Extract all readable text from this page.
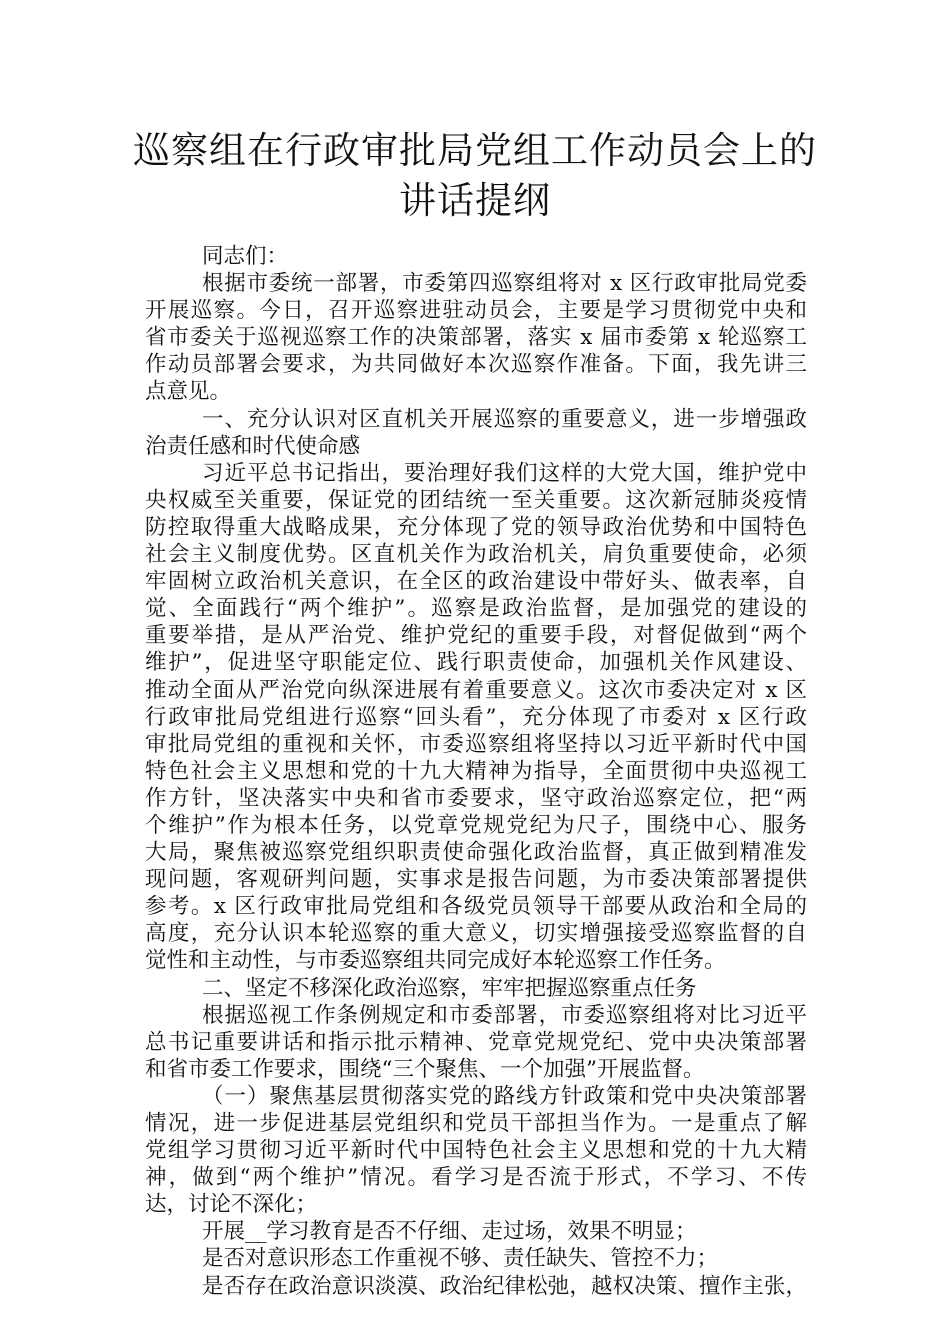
巡察组在行政审批局党组工作动员会上的
讲话提纲
同志们：
根据市委统一部署，市委第四巡察组将对 x 区行政审批局党委
开展巡察。今日，召开巡察进驻动员会，主要是学习贯彻党中央和
省市委关于巡视巡察工作的决策部署，落实 x 届市委第 x 轮巡察工
作动员部署会要求，为共同做好本次巡察作准备。下面，我先讲三
点意见。
一、充分认识对区直机关开展巡察的重要意义，进一步增强政
治责任感和时代使命感
习近平总书记指出，要治理好我们这样的大党大国，维护党中
央权威至关重要，保证党的团结统一至关重要。这次新冠肺炎疫情
防控取得重大战略成果，充分体现了党的领导政治优势和中国特色
社会主义制度优势。区直机关作为政治机关，肩负重要使命，必须
牢固树立政治机关意识，在全区的政治建设中带好头、做表率，自
觉、全面践行“两个维护”。巡察是政治监督，是加强党的建设的
重要举措，是从严治党、维护党纪的重要手段，对督促做到“两个
维护”，促进坚守职能定位、践行职责使命，加强机关作风建设、
推动全面从严治党向纵深进展有着重要意义。这次市委决定对 x 区
行政审批局党组进行巡察“回头看”，充分体现了市委对 x 区行政
审批局党组的重视和关怀，市委巡察组将坚持以习近平新时代中国
特色社会主义思想和党的十九大精神为指导，全面贯彻中央巡视工
作方针，坚决落实中央和省市委要求，坚守政治巡察定位，把“两
个维护”作为根本任务，以党章党规党纪为尺子，围绕中心、服务
大局，聚焦被巡察党组织职责使命强化政治监督，真正做到精准发
现问题，客观研判问题，实事求是报告问题，为市委决策部署提供
参考。x 区行政审批局党组和各级党员领导干部要从政治和全局的
高度，充分认识本轮巡察的重大意义，切实增强接受巡察监督的自
觉性和主动性，与市委巡察组共同完成好本轮巡察工作任务。
二、坚定不移深化政治巡察，牢牢把握巡察重点任务
根据巡视工作条例规定和市委部署，市委巡察组将对比习近平
总书记重要讲话和指示批示精神、党章党规党纪、党中央决策部署
和省市委工作要求，围绕“三个聚焦、一个加强”开展监督。
（一）聚焦基层贯彻落实党的路线方针政策和党中央决策部署
情况，进一步促进基层党组织和党员干部担当作为。一是重点了解
党组学习贯彻习近平新时代中国特色社会主义思想和党的十九大精
神，做到“两个维护”情况。看学习是否流于形式，不学习、不传
达，讨论不深化；
开展__学习教育是否不仔细、走过场，效果不明显；
是否对意识形态工作重视不够、责任缺失、管控不力；
是否存在政治意识淡漠、政治纪律松弛，越权决策、擅作主张，
